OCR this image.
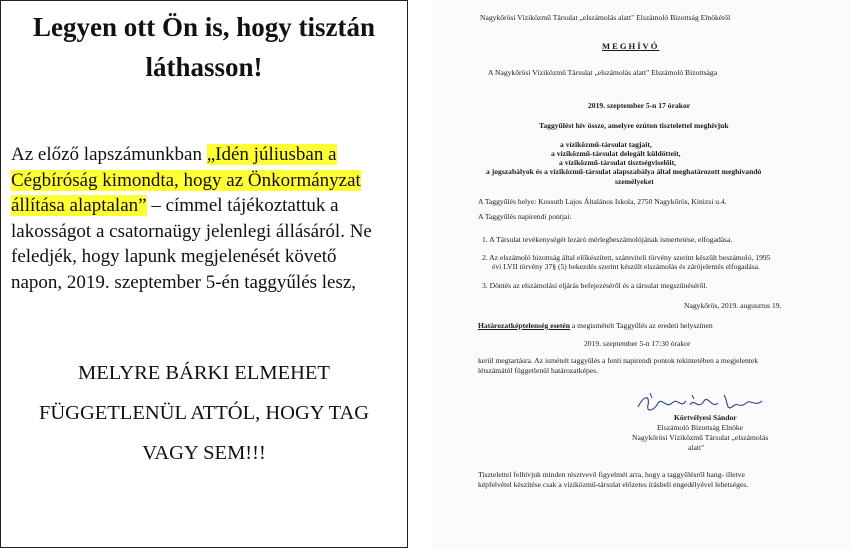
Legyen ott Ön is, hogy tisztán
láthasson!
Az előző lapszámunkban „Idén júliusban a
Cégbíróság kimondta, hogy az Önkormányzat
állítása alaptalan” – címmel tájékoztattuk a
lakosságot a csatornaügy jelenlegi állásáról. Ne
feledjék, hogy lapunk megjelenését követő
napon, 2019. szeptember 5-én taggyűlés lesz,
MELYRE BÁRKI ELMEHET
FÜGGETLENÜL ATTÓL, HOGY TAG
VAGY SEM!!!
Nagykőrösi Víziközmű Társulat „elszámolás alatt" Elszámoló Bizottság Elnökétől
MEGHÍVÓ
A Nagykőrösi Víziközmű Társulat „elszámolás alatt" Elszámoló Bizottsága
2019. szeptember 5-n 17 órakor
Taggyűlést hív össze, amelyre ezúton tisztelettel meghívjuk
a víziközmű-társulat tagjait,
a víziközmű-társulat delegált küldötteit,
a víziközmű-társulat tisztségviselőit,
a jogszabályok és a víziközmű-társulat alapszabálya által meghatározott meghívandó
személyeket
A Taggyűlés helye: Kossuth Lajos Általános Iskola, 2750 Nagykőrös, Kinizsi u.4.
A Taggyűlés napirendi pontjai:
1. A Társulat tevékenységét lezáró mérlegbeszámolójának ismertetése, elfogadása.
2. Az elszámoló bizottság által előkészített, számviteli törvény szerint készült beszámoló, 1995
évi LVII törvény 37§ (5) bekezdés szerint készült elszámolás és zárójelentés elfogadása.
3. Döntés az elszámolási eljárás befejezéséről és a társulat megszűnéséről.
Nagykőrös, 2019. augusztus 19.
Határozatképtelenség esetén a megismételt Taggyűlés az eredeti helyszínen
2019. szeptember 5-n 17:30 órakor
kerül megtartásra. Az ismételt taggyűlés a fenti napirendi pontok tekintetében a megjelentek
létszámától függetlenül határozatképes.
Körtvélyesi Sándor
Elszámoló Bizottság Elnöke
Nagykőrösi Víziközmű Társulat „elszámolás
alatt"
Tisztelettel felhívjuk minden résztvevő figyelmét arra, hogy a taggyűlésről hang- illetve
képfelvétel készítése csak a víziközmű-társulat előzetes írásbeli engedélyével lehetséges.
